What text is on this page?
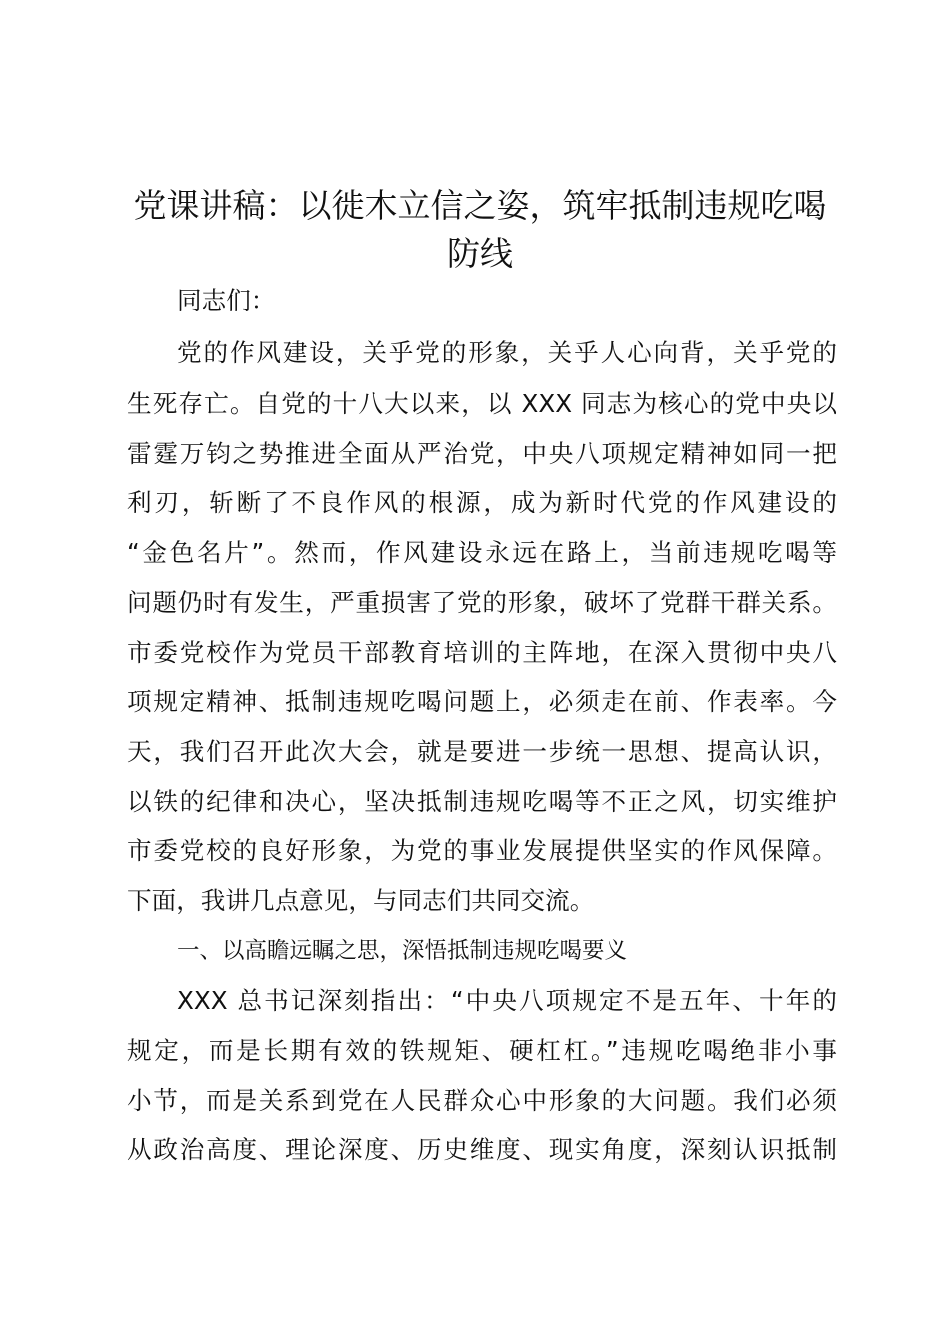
党课讲稿：以徙木立信之姿，筑牢抵制违规吃喝防线

同志们：

党的作风建设，关乎党的形象，关乎人心向背，关乎党的

生死存亡。自党的十八大以来，以 XXX 同志为核心的党中央以

雷霆万钧之势推进全面从严治党，中央八项规定精神如同一把

利刃，斩断了不良作风的根源，成为新时代党的作风建设的

“金色名片”。然而，作风建设永远在路上，当前违规吃喝等

问题仍时有发生，严重损害了党的形象，破坏了党群干群关系。

市委党校作为党员干部教育培训的主阵地，在深入贯彻中央八

项规定精神、抵制违规吃喝问题上，必须走在前、作表率。今

天，我们召开此次大会，就是要进一步统一思想、提高认识，

以铁的纪律和决心，坚决抵制违规吃喝等不正之风，切实维护

市委党校的良好形象，为党的事业发展提供坚实的作风保障。

下面，我讲几点意见，与同志们共同交流。

一、以高瞻远瞩之思，深悟抵制违规吃喝要义

XXX 总书记深刻指出：“中央八项规定不是五年、十年的

规定，而是长期有效的铁规矩、硬杠杠。”违规吃喝绝非小事

小节，而是关系到党在人民群众心中形象的大问题。我们必须

从政治高度、理论深度、历史维度、现实角度，深刻认识抵制
